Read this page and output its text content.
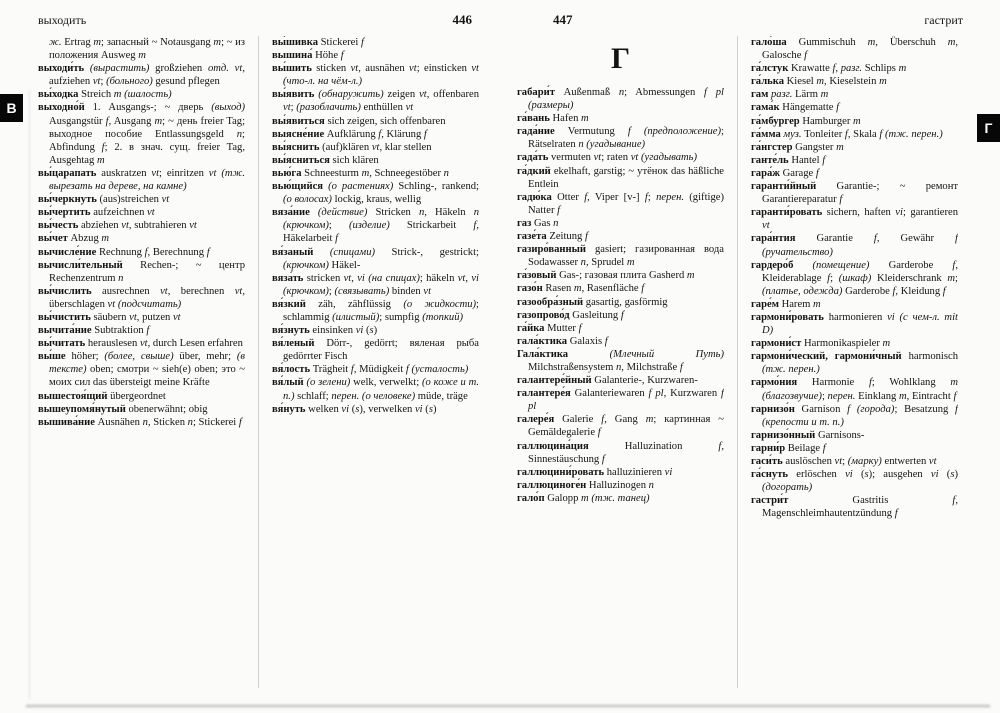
В
Г
выходить	446

ж. Ertrag m; запасный ~ Notausgang m; ~ из положения Ausweg m

выходи́ть (вырастить) großziehen отд. vt, aufziehen vt; (больного) gesund pflegen

вы́ходка Streich m (шалость)

выходно́й 1. Ausgangs-; ~ дверь (выход) Ausgangstür f, Ausgang m; ~ день freier Tag; выходное пособие Entlassungsgeld n; Abfindung f; 2. в знач. сущ. freier Tag, Ausgehtag m

вы́царапать auskratzen vt; einritzen vt (тж. вырезать на дереве, на камне)

вы́черкнуть (aus)streichen vt

вы́чертить aufzeichnen vt

вы́честь abziehen vt, subtrahieren vt

вы́чет Abzug m

вычисле́ние Rechnung f, Berechnung f

вычисли́тельный Rechen-; ~ центр Rechenzentrum n

вы́числить ausrechnen vt, berechnen vt, überschlagen vt (подсчитать)

вы́чистить säubern vt, putzen vt

вычита́ние Subtraktion f

вы́читать herauslesen vt, durch Lesen erfahren

вы́ше höher; (более, свыше) über, mehr; (в тексте) oben; смотри ~ sieh(e) oben; это ~ моих сил das übersteigt meine Kräfte

вышестоя́щий übergeordnet

вышеупомя́нутый obenerwähnt; obig

вышива́ние Ausnähen n, Sticken n; Stickerei f

вы́шивка Stickerei f

вышина́ Höhe f

вы́шить sticken vt, ausnähen vt; einsticken vt (что-л. на чём-л.)

вы́явить (обнаружить) zeigen vt, offenbaren vt; (разоблачить) enthüllen vt

вы́явиться sich zeigen, sich offenbaren

выясне́ние Aufklärung f, Klärung f

вы́яснить (auf)klären vt, klar stellen

вы́ясниться sich klären

вью́га Schneesturm m, Schneegestöber n

вью́щийся (о растениях) Schling-, rankend; (о волосах) lockig, kraus, wellig

вяза́ние (действие) Stricken n, Häkeln n (крючком); (изделие) Strickarbeit f, Häkelarbeit f

вя́заный (спицами) Strick-, gestrickt; (крючком) Häkel-

вяза́ть stricken vt, vi (на спицах); häkeln vt, vi (крючком); (связывать) binden vt

вя́зкий zäh, zähflüssig (о жидкости); schlammig (илистый); sumpfig (топкий)

вя́знуть einsinken vi (s)

вя́леный Dörr-, gedörrt; вяленая рыба gedörrter Fisch

вя́лость Trägheit f, Müdigkeit f (усталость)

вя́лый (о зелени) welk, verwelkt; (о коже и т. п.) schlaff; перен. (о человеке) müde, träge

вя́нуть welken vi (s), verwelken vi (s)

447	гастрит
Г

габари́т Außenmaß n; Abmessungen f pl (размеры)

га́вань Hafen m

гада́ние Vermutung f (предположение); Rätselraten n (угадывание)

гада́ть vermuten vt; raten vt (угадывать)

га́дкий ekelhaft, garstig; ~ утёнок das häßliche Entlein

гадю́ка Otter f, Viper [v-] f; перен. (giftige) Natter f

газ Gas n

газе́та Zeitung f

газиро́ванный gasiert; газированная вода Sodawasser n, Sprudel m

га́зовый Gas-; газовая плита Gasherd m

газо́н Rasen m, Rasenfläche f

газообра́зный gasartig, gasförmig

газопрово́д Gasleitung f

га́йка Mutter f

гала́ктика Galaxis f

Гала́ктика	(Млечный Путь) Milchstraßensystem n, Milchstraße f

галантере́йный Galanterie-, Kurzwaren-

галантере́я Galanteriewaren f pl, Kurzwaren f pl

галере́я Galerie f, Gang m; картинная ~ Gemäldegalerie f

галлюцина́ция Halluzination f, Sinnestäuschung f

галлюцини́ровать halluzinieren vi

галлюциноге́н Halluzinogen n

гало́п Galopp m (тж. танец)

гало́ша Gummischuh m, Überschuh m, Galosche f

га́лстук Krawatte f, разг. Schlips m

га́лька Kiesel m, Kieselstein m

гам разг. Lärm m

гама́к Hängematte f

га́мбургер Hamburger m

га́мма муз. Tonleiter f, Skala f (тж. перен.)

га́нгстер Gangster m

ганте́ль Hantel f

гара́ж Garage f

гаранти́йный Garantie-; ~ ремонт Garantiereparatur f

гаранти́ровать sichern, haften vi; garantieren vt

гара́нтия Garantie f, Gewähr f (ручательство)

гардеро́б (помещение) Garderobe f, Kleiderablage f; (шкаф) Kleiderschrank m; (платье, одежда) Garderobe f, Kleidung f

гаре́м Harem m

гармони́ровать harmonieren vi (с чем-л. mit D)

гармони́ст Harmonikaspieler m

гармони́ческий, гармони́чный harmonisch (тж. перен.)

гармо́ния Harmonie f; Wohlklang m (благозвучие); перен. Einklang m, Eintracht f

гарнизо́н Garnison f (города); Besatzung f (крепости и т. п.)

гарнизо́нный Garnisons-

гарни́р Beilage f

гаси́ть auslöschen vt; (марку) entwerten vt

га́снуть erlöschen vi (s); ausgehen vi (s) (догорать)

гастри́т Gastritis f, Magenschleimhautentzündung f
